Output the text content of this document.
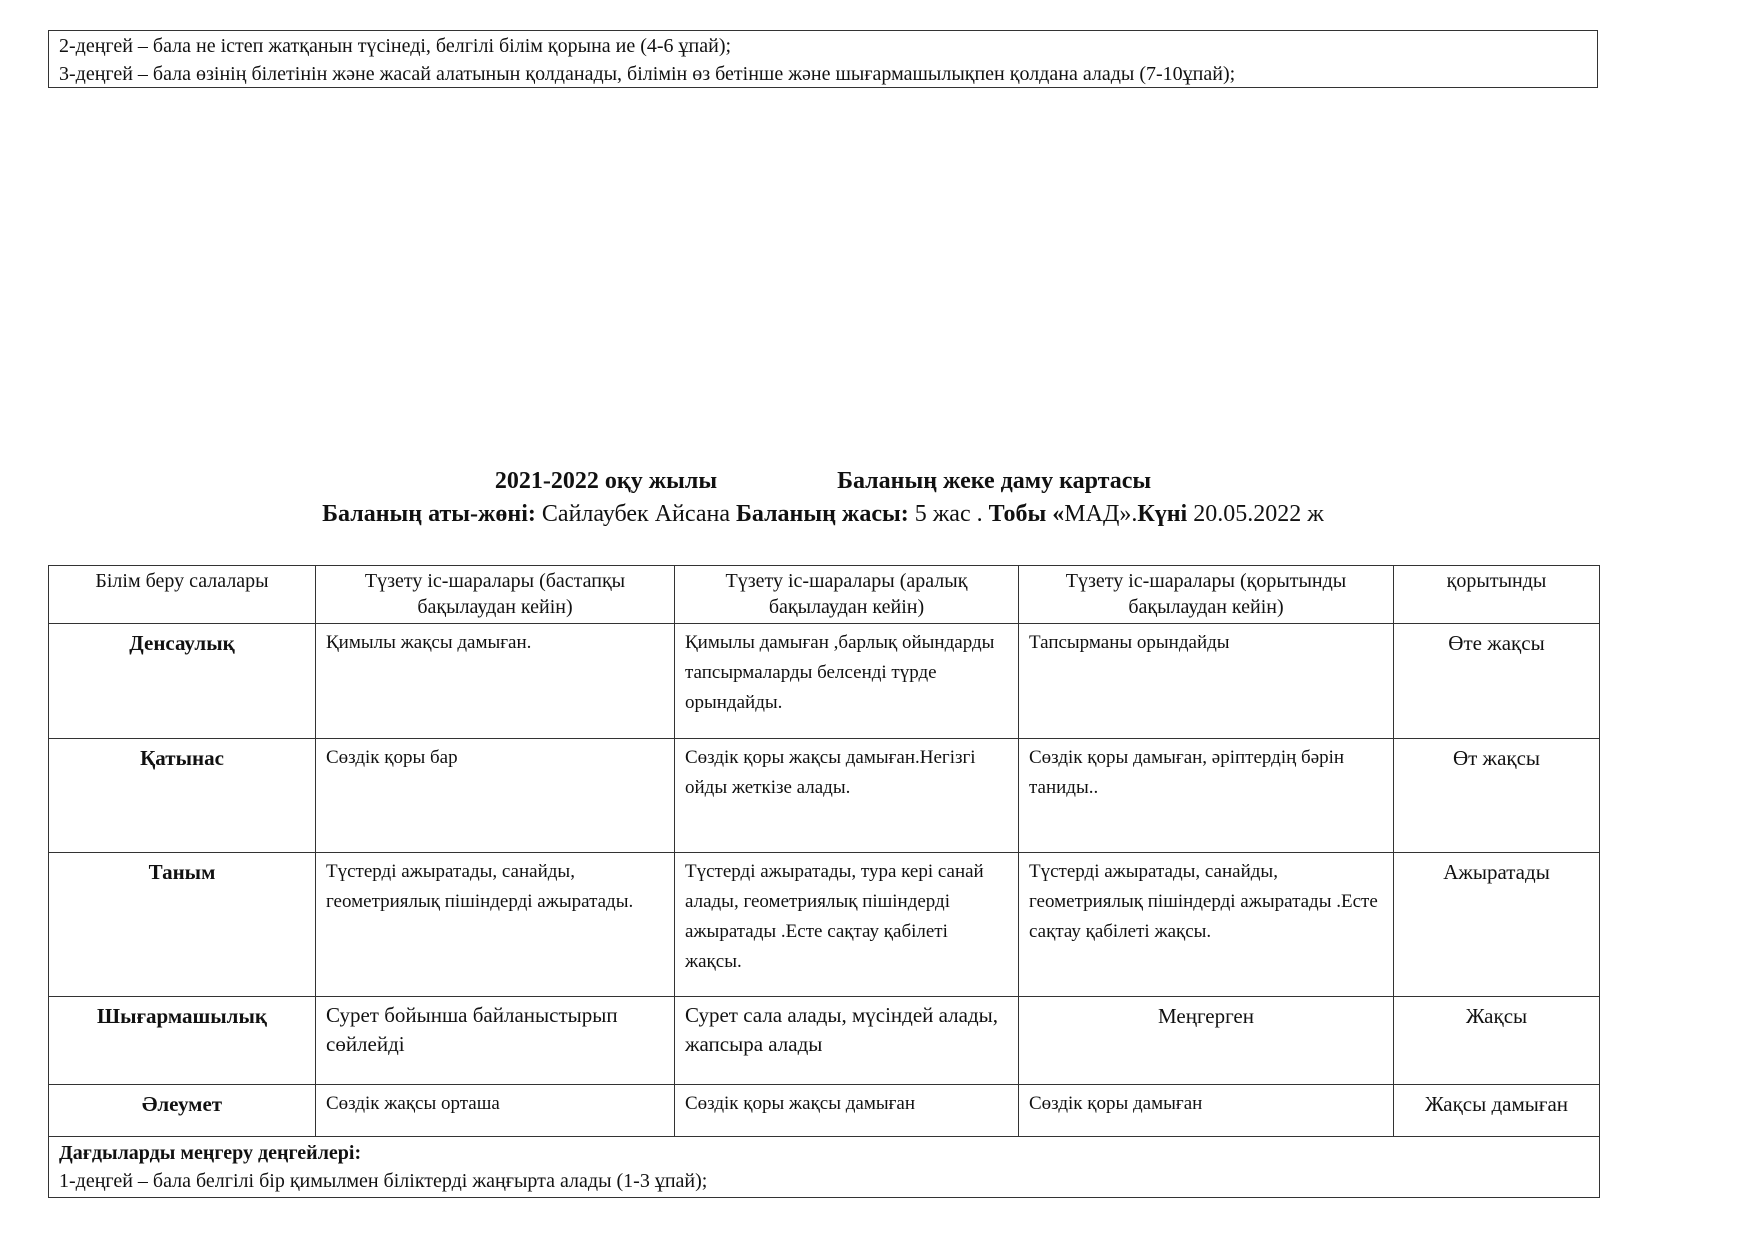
2-деңгей – бала не істеп жатқанын түсінеді, белгілі білім қорына ие (4-6 ұпай);
3-деңгей – бала өзінің білетінін және жасай алатынын қолданады, білімін өз бетінше және шығармашылықпен қолдана алады (7-10ұпай);
2021-2022 оқу жылы	Баланың жеке даму картасы
Баланың аты-жөні: Сайлаубек Айсана Баланың жасы: 5 жас . Тобы «МАД».Күні 20.05.2022 ж
Білім беру салалары	Түзету іс-шаралары (бастапқы бақылаудан кейін)	Түзету іс-шаралары (аралық бақылаудан кейін)	Түзету іс-шаралары (қорытынды бақылаудан кейін)	қорытынды
Денсаулық	Қимылы жақсы дамыған.	Қимылы дамыған ,барлық ойындарды тапсырмаларды белсенді түрде орындайды.	Тапсырманы орындайды	Өте жақсы
Қатынас	Сөздік қоры бар	Сөздік қоры жақсы дамыған.Негізгі ойды жеткізе алады.	Сөздік қоры дамыған, әріптердің бәрін таниды..	Өт жақсы
Таным	Түстерді ажыратады, санайды, геометриялық пішіндерді ажыратады.	Түстерді ажыратады, тура кері санай алады, геометриялық пішіндерді ажыратады .Есте сақтау қабілеті жақсы.	Түстерді ажыратады, санайды, геометриялық пішіндерді ажыратады .Есте сақтау қабілеті жақсы.	Ажыратады
Шығармашылық	Сурет бойынша байланыстырып сөйлейді	Сурет сала алады, мүсіндей алады, жапсыра алады	Меңгерген	Жақсы
Әлеумет	Сөздік жақсы орташа	Сөздік қоры жақсы дамыған	Сөздік қоры дамыған	Жақсы дамыған

Дағдыларды меңгеру деңгейлері:
1-деңгей – бала белгілі бір қимылмен біліктерді жаңғырта алады (1-3 ұпай);				
